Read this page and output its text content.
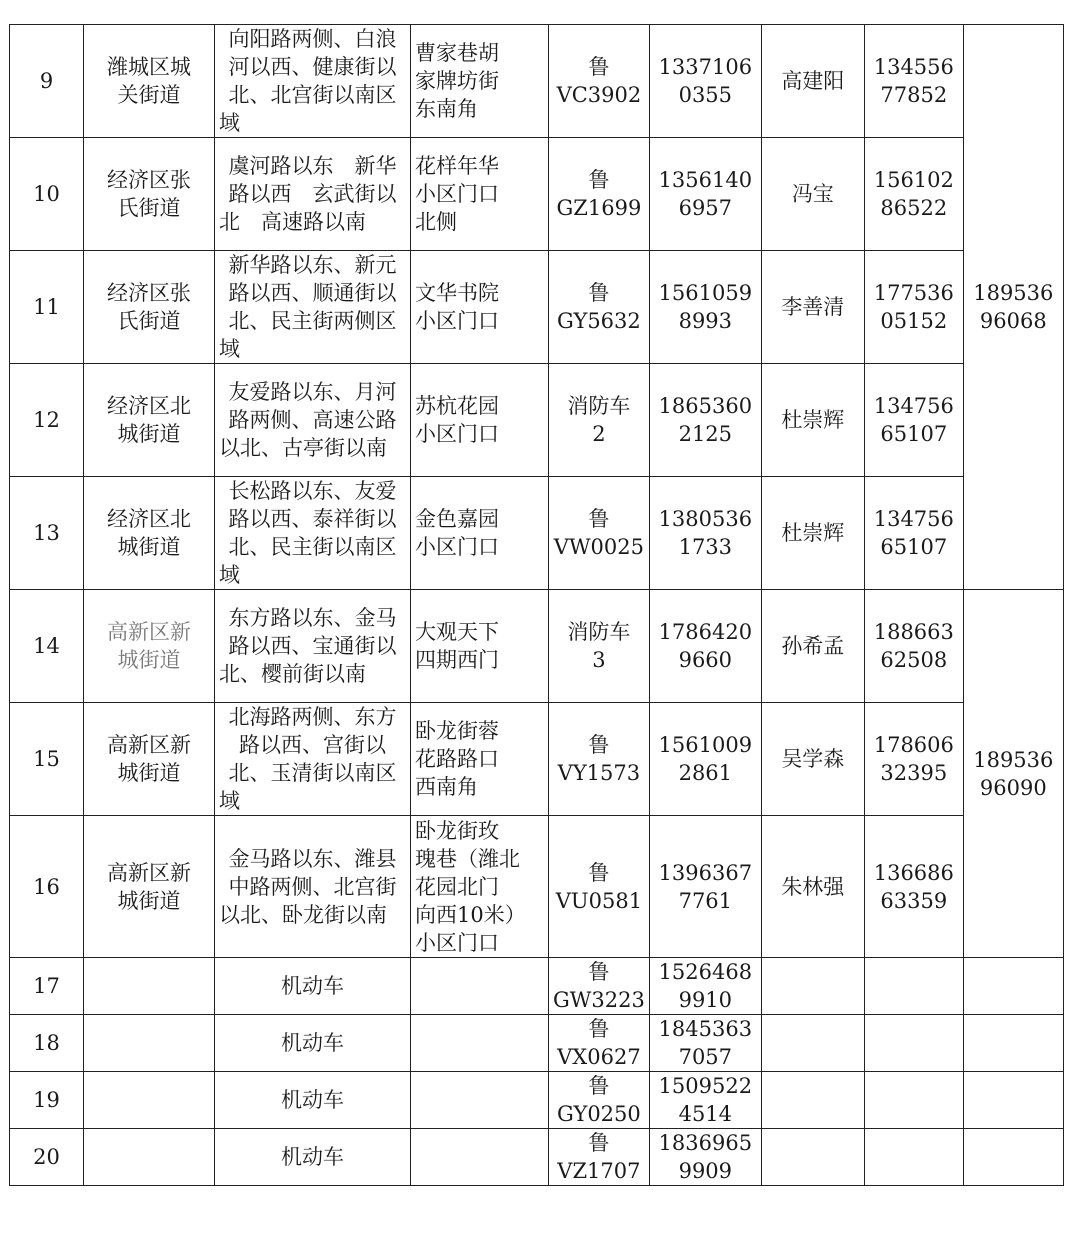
9	潍城区城
关街道	向阳路两侧、白浪河以西、健康街以北、北宫街以南区域	曹家巷胡
家牌坊街
东南角	鲁
VC3902	1337106
0355	高建阳	134556
77852	189536
96068

10	经济区张
氏街道	虞河路以东　新华路以西　玄武街以北　高速路以南	花样年华
小区门口
北侧	鲁
GZ1699	1356140
6957	冯宝	156102
86522	

11	经济区张
氏街道	新华路以东、新元路以西、顺通街以北、民主街两侧区域	文华书院
小区门口	鲁
GY5632	1561059
8993	李善清	177536
05152	

12	经济区北
城街道	友爱路以东、月河路两侧、高速公路以北、古亭街以南	苏杭花园
小区门口	消防车
2	1865360
2125	杜崇辉	134756
65107	

13	经济区北
城街道	长松路以东、友爱路以西、泰祥街以北、民主街以南区域	金色嘉园
小区门口	鲁
VW0025	1380536
1733	杜崇辉	134756
65107	

14	高新区新
城街道	东方路以东、金马路以西、宝通街以北、樱前街以南	大观天下
四期西门	消防车
3	1786420
9660	孙希孟	188663
62508	189536
96090

15	高新区新
城街道	北海路两侧、东方路以西、宫街以北、玉清街以南区域	卧龙街蓉
花路路口
西南角	鲁
VY1573	1561009
2861	吴学森	178606
32395	

16	高新区新
城街道	金马路以东、潍县中路两侧、北宫街以北、卧龙街以南	卧龙街玫
瑰巷（潍北
花园北门
向西10米）
小区门口	鲁
VU0581	1396367
7761	朱林强	136686
63359	

17		机动车		鲁
GW3223	1526468
9910			

18		机动车		鲁
VX0627	1845363
7057			

19		机动车		鲁
GY0250	1509522
4514			

20		机动车		鲁
VZ1707	1836965
9909			
